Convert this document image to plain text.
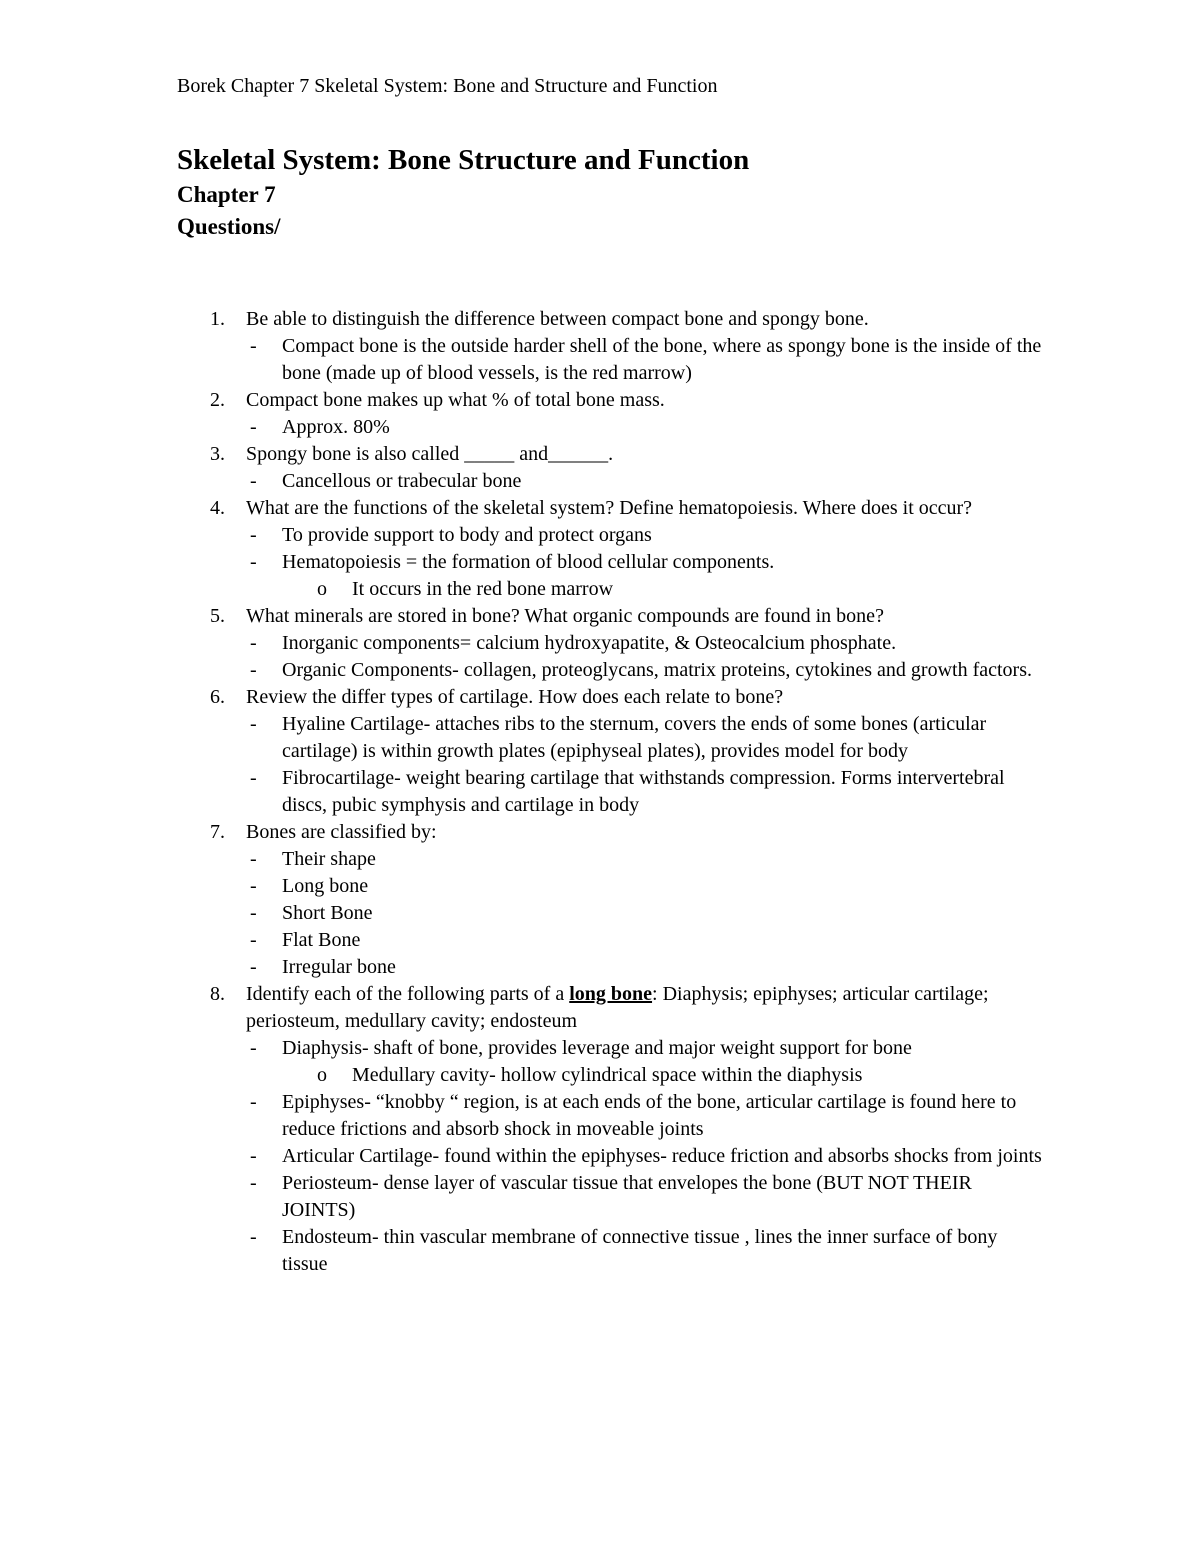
Borek Chapter 7 Skeletal System: Bone and Structure and Function
Skeletal System: Bone Structure and Function
Chapter 7
Questions/
1. Be able to distinguish the difference between compact bone and spongy bone.
- Compact bone is the outside harder shell of the bone, where as spongy bone is the inside of the bone (made up of blood vessels, is the red marrow)
2. Compact bone makes up what % of total bone mass.
- Approx. 80%
3. Spongy bone is also called _____ and______.
- Cancellous or trabecular bone
4. What are the functions of the skeletal system? Define hematopoiesis. Where does it occur?
- To provide support to body and protect organs
- Hematopoiesis = the formation of blood cellular components.
o It occurs in the red bone marrow
5. What minerals are stored in bone? What organic compounds are found in bone?
- Inorganic components= calcium hydroxyapatite, & Osteocalcium phosphate.
- Organic Components- collagen, proteoglycans, matrix proteins, cytokines and growth factors.
6. Review the differ types of cartilage. How does each relate to bone?
- Hyaline Cartilage- attaches ribs to the sternum, covers the ends of some bones (articular cartilage) is within growth plates (epiphyseal plates), provides model for body
- Fibrocartilage- weight bearing cartilage that withstands compression. Forms intervertebral discs, pubic symphysis and cartilage in body
7. Bones are classified by:
- Their shape
- Long bone
- Short Bone
- Flat Bone
- Irregular bone
8. Identify each of the following parts of a long bone: Diaphysis; epiphyses; articular cartilage; periosteum, medullary cavity; endosteum
- Diaphysis- shaft of bone, provides leverage and major weight support for bone
o Medullary cavity- hollow cylindrical space within the diaphysis
- Epiphyses- “knobby “ region, is at each ends of the bone, articular cartilage is found here to reduce frictions and absorb shock in moveable joints
- Articular Cartilage- found within the epiphyses- reduce friction and absorbs shocks from joints
- Periosteum- dense layer of vascular tissue that envelopes the bone (BUT NOT THEIR JOINTS)
- Endosteum- thin vascular membrane of connective tissue , lines the inner surface of bony tissue
